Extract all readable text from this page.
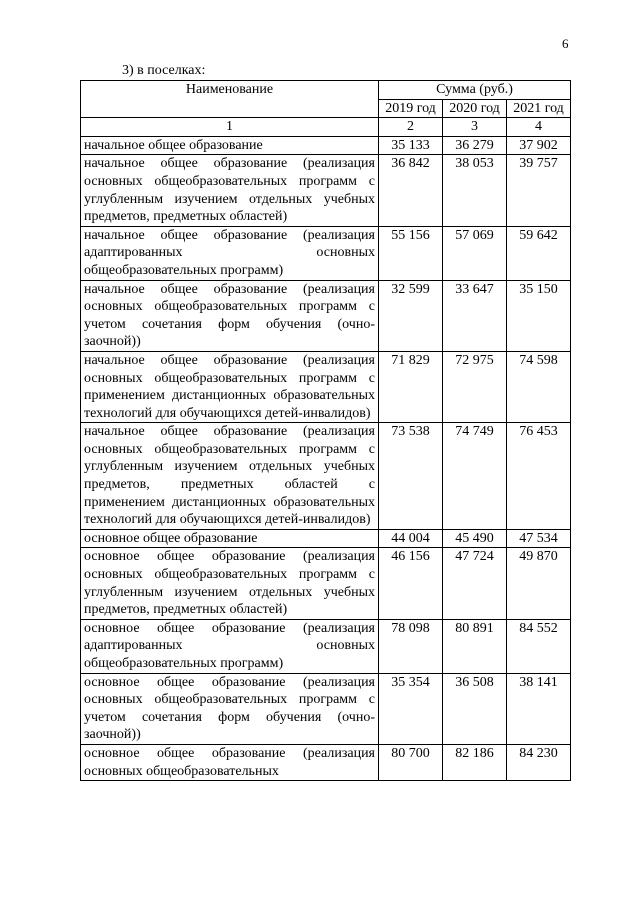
6
3) в поселках:
Наименование	Сумма (руб.)		
	2019 год	2020 год	2021 год
1	2	3	4
начальное общее образование	35 133	36 279	37 902
начальное общее образование (реализация основных общеобразовательных программ с углубленным изучением отдельных учебных предметов, предметных областей)	36 842	38 053	39 757
начальное общее образование (реализация адаптированных основных общеобразовательных программ)	55 156	57 069	59 642
начальное общее образование (реализация основных общеобразовательных программ с учетом сочетания форм обучения (очно-заочной))	32 599	33 647	35 150
начальное общее образование (реализация основных общеобразовательных программ с применением дистанционных образовательных технологий для обучающихся детей-инвалидов)	71 829	72 975	74 598
начальное общее образование (реализация основных общеобразовательных программ с углубленным изучением отдельных учебных предметов, предметных областей с применением дистанционных образовательных технологий для обучающихся детей-инвалидов)	73 538	74 749	76 453
основное общее образование	44 004	45 490	47 534
основное общее образование (реализация основных общеобразовательных программ с углубленным изучением отдельных учебных предметов, предметных областей)	46 156	47 724	49 870
основное общее образование (реализация адаптированных основных общеобразовательных программ)	78 098	80 891	84 552
основное общее образование (реализация основных общеобразовательных программ с учетом сочетания форм обучения (очно-заочной))	35 354	36 508	38 141
основное общее образование (реализация основных общеобразовательных	80 700	82 186	84 230
